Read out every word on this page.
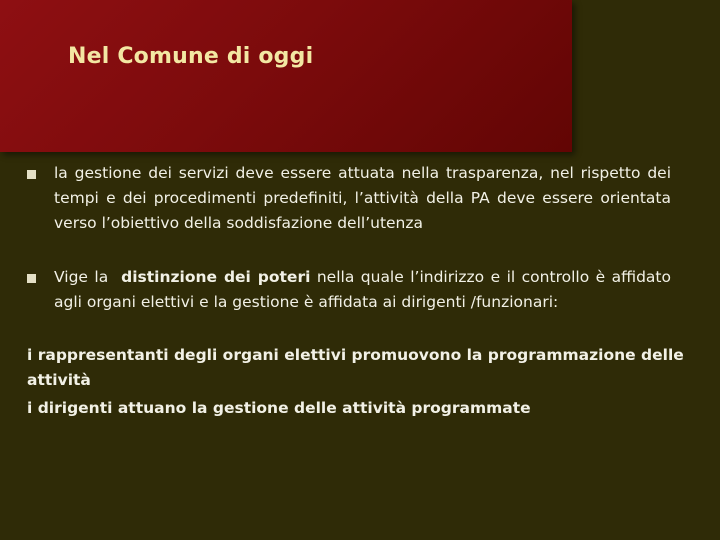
Nel Comune di oggi

la gestione dei servizi deve essere attuata nella trasparenza, nel rispetto dei tempi e dei procedimenti predefiniti, l’attività della PA deve essere orientata verso l’obiettivo della soddisfazione dell’utenza

Vige la distinzione dei poteri nella quale l’indirizzo e il controllo è affidato agli organi elettivi e la gestione è affidata ai dirigenti /funzionari:

i rappresentanti degli organi elettivi promuovono la programmazione delle attività

i dirigenti attuano la gestione delle attività programmate
